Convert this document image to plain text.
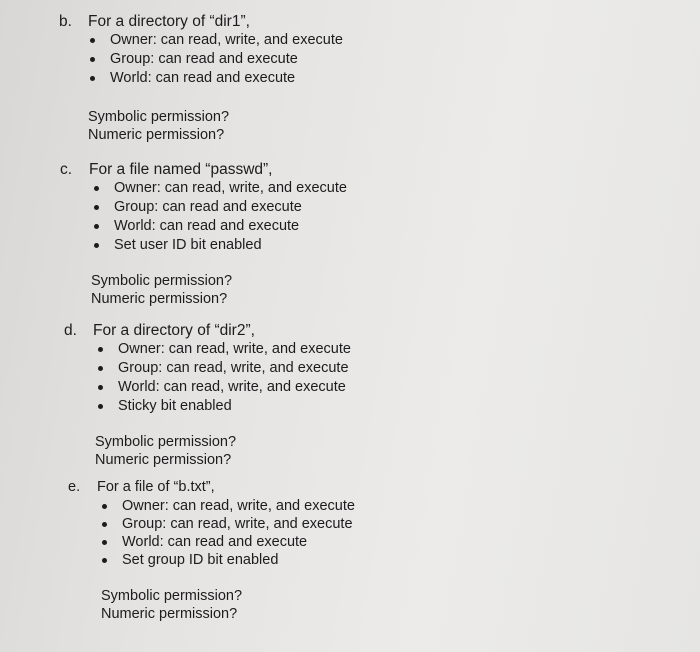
b.	For a directory of “dir1”,
Owner: can read, write, and execute
Group: can read and execute
World: can read and execute
Symbolic permission?
Numeric permission?
c.	For a file named “passwd”,
Owner: can read, write, and execute
Group: can read and execute
World: can read and execute
Set user ID bit enabled
Symbolic permission?
Numeric permission?
d.	For a directory of “dir2”,
Owner: can read, write, and execute
Group: can read, write, and execute
World: can read, write, and execute
Sticky bit enabled
Symbolic permission?
Numeric permission?
e.	For a file of “b.txt”,
Owner: can read, write, and execute
Group: can read, write, and execute
World: can read and execute
Set group ID bit enabled
Symbolic permission?
Numeric permission?
